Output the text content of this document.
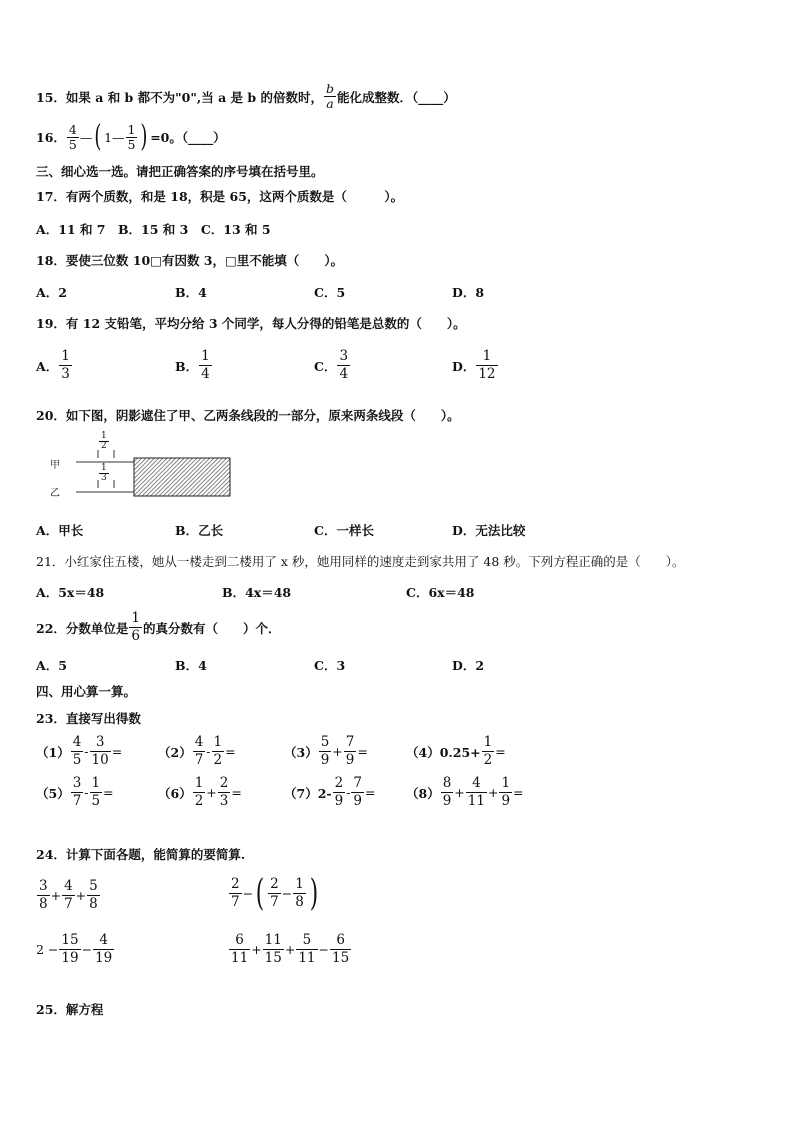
15．如果 a 和 b 都不为"0",当 a 是 b 的倍数时， $\frac{b}{a}$ 能化成整数．（____）
16． $\frac{4}{5}$ — ( 1— $\frac{1}{5}$ ) =0。（____）
三、细心选一选。请把正确答案的序号填在括号里。
17．有两个质数，和是 18，积是 65，这两个质数是（　　　）。
A．11 和 7　B．15 和 3　C．13 和 5
18．要使三位数 10□有因数 3，□里不能填（　　）。
A．2	B．4	C．5	D．8
19．有 12 支铅笔，平均分给 3 个同学，每人分得的铅笔是总数的（　　）。
A． $\frac{1}{3}$	B． $\frac{1}{4}$	C． $\frac{3}{4}$	D． $\frac{1}{12}$
20．如下图，阴影遮住了甲、乙两条线段的一部分，原来两条线段（　　）。
甲
乙
$\frac{1}{2}$
$\frac{1}{3}$
A．甲长	B．乙长	C．一样长	D．无法比较
21．小红家住五楼，她从一楼走到二楼用了 x 秒，她用同样的速度走到家共用了 48 秒。下列方程正确的是（　　）。
A．5x＝48	B．4x＝48	C．6x＝48
22．分数单位是 $\frac{1}{6}$ 的真分数有（　　）个．
A．5	B．4	C．3	D．2
四、用心算一算。
23．直接写出得数
$(1) \frac{4}{5} - \frac{3}{10}$ =	$(2) \frac{4}{7} - \frac{1}{2}$ =	$(3) \frac{5}{9} + \frac{7}{9}$ =	$(4)0.25+ \frac{1}{2}$ =
$(5) \frac{3}{7} - \frac{1}{5}$ =	$(6) \frac{1}{2} + \frac{2}{3}$ =	$(7)2- \frac{2}{9} - \frac{7}{9} = (8) \frac{8}{9} + \frac{4}{11} + \frac{1}{9}$ =
24．计算下面各题，能简算的要简算.
$\frac{3}{8} + \frac{4}{7} + \frac{5}{8}$	$\frac{2}{7}$ − ( $\frac{2}{7} - \frac{1}{8}$ )
$2 - \frac{15}{19} - \frac{4}{19}$	$\frac{6}{11} + \frac{11}{15} + \frac{5}{11} - \frac{6}{15}$
25．解方程
